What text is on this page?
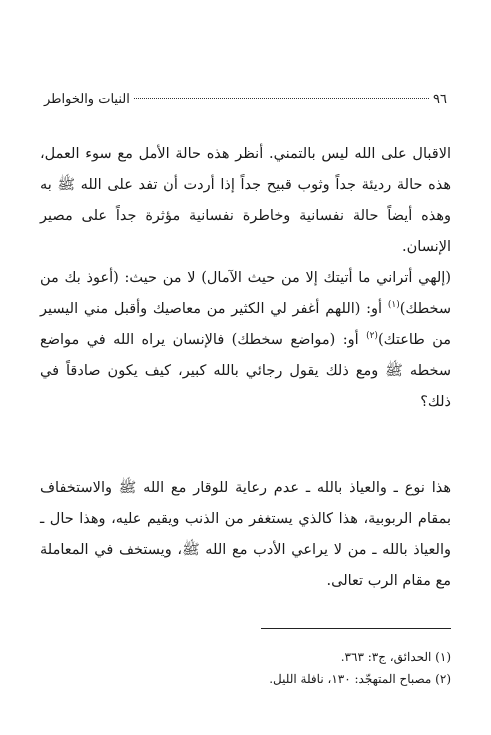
٩٦
النيات والخواطر

الاقبال على الله ليس بالتمني. أنظر هذه حالة الأمل مع سوء العمل، هذه حالة رديئة جداً وثوب قبيح جداً إذا أردت أن تفد على الله ﷺ به وهذه أيضاً حالة نفسانية وخاطرة نفسانية مؤثرة جداً على مصير الإنسان.

(إلهي أتراني ما أتيتك إلا من حيث الآمال) لا من حيث: (أعوذ بك من سخطك)$^{(١)}$ أو: (اللهم أغفر لي الكثير من معاصيك وأقبل مني اليسير من طاعتك)$^{(٢)}$ أو: (مواضع سخطك) فالإنسان يراه الله في مواضع سخطه ﷺ ومع ذلك يقول رجائي بالله كبير، كيف يكون صادقاً في ذلك؟

هذا نوع ـ والعياذ بالله ـ عدم رعاية للوقار مع الله ﷺ والاستخفاف بمقام الربوبية، هذا كالذي يستغفر من الذنب ويقيم عليه، وهذا حال ـ والعياذ بالله ـ من لا يراعي الأدب مع الله ﷺ، ويستخف في المعاملة مع مقام الرب تعالى.

(١) الحدائق، ج٣: ٣٦٣.

(٢) مصباح المتهجّد: ١٣٠، نافلة الليل.
